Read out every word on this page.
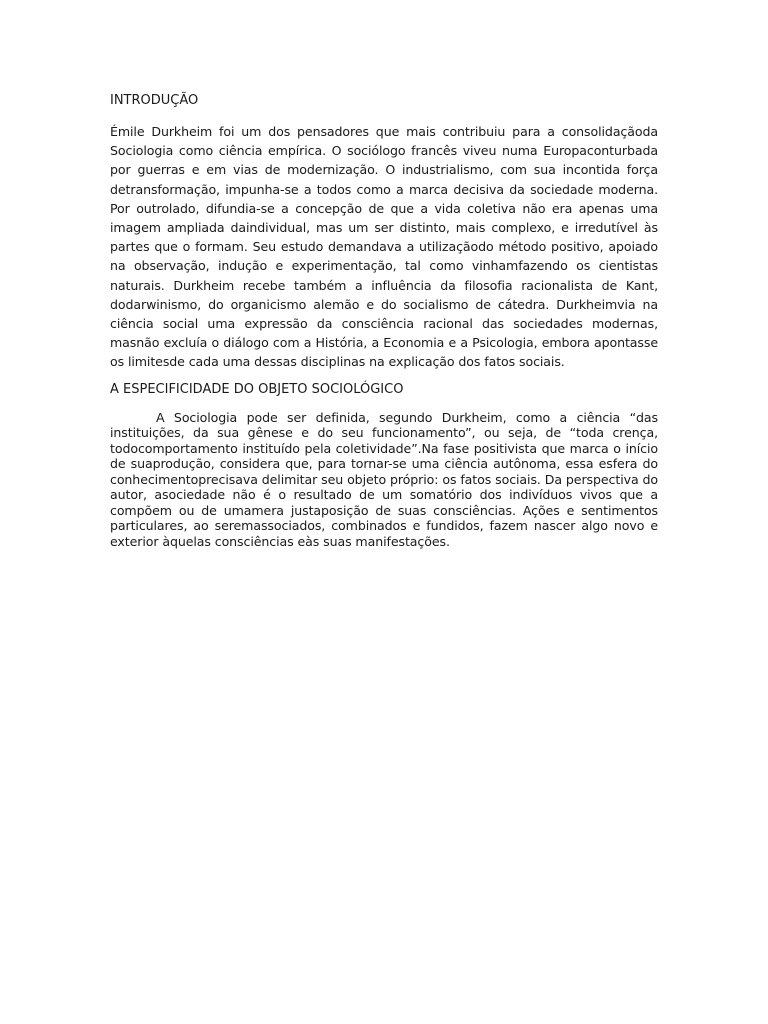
INTRODUÇÃO

Émile Durkheim foi um dos pensadores que mais contribuiu para a consolidaçãoda Sociologia como ciência empírica. O sociólogo francês viveu numa Europaconturbada por guerras e em vias de modernização. O industrialismo, com sua incontida força detransformação, impunha-se a todos como a marca decisiva da sociedade moderna. Por outrolado, difundia-se a concepção de que a vida coletiva não era apenas uma imagem ampliada daindividual, mas um ser distinto, mais complexo, e irredutível às partes que o formam. Seu estudo demandava a utilizaçãodo método positivo, apoiado na observação, indução e experimentação, tal como vinhamfazendo os cientistas naturais. Durkheim recebe também a influência da filosofia racionalista de Kant, dodarwinismo, do organicismo alemão e do socialismo de cátedra. Durkheimvia na ciência social uma expressão da consciência racional das sociedades modernas, masnão excluía o diálogo com a História, a Economia e a Psicologia, embora apontasse os limitesde cada uma dessas disciplinas na explicação dos fatos sociais.

A ESPECIFICIDADE DO OBJETO SOCIOLÓGICO

A Sociologia pode ser definida, segundo Durkheim, como a ciência “das instituições, da sua gênese e do seu funcionamento”, ou seja, de “toda crença, todocomportamento instituído pela coletividade”.Na fase positivista que marca o início de suaprodução, considera que, para tornar-se uma ciência autônoma, essa esfera do conhecimentoprecisava delimitar seu objeto próprio: os fatos sociais. Da perspectiva do autor, asociedade não é o resultado de um somatório dos indivíduos vivos que a compõem ou de umamera justaposição de suas consciências. Ações e sentimentos particulares, ao seremassociados, combinados e fundidos, fazem nascer algo novo e exterior àquelas consciências eàs suas manifestações.
